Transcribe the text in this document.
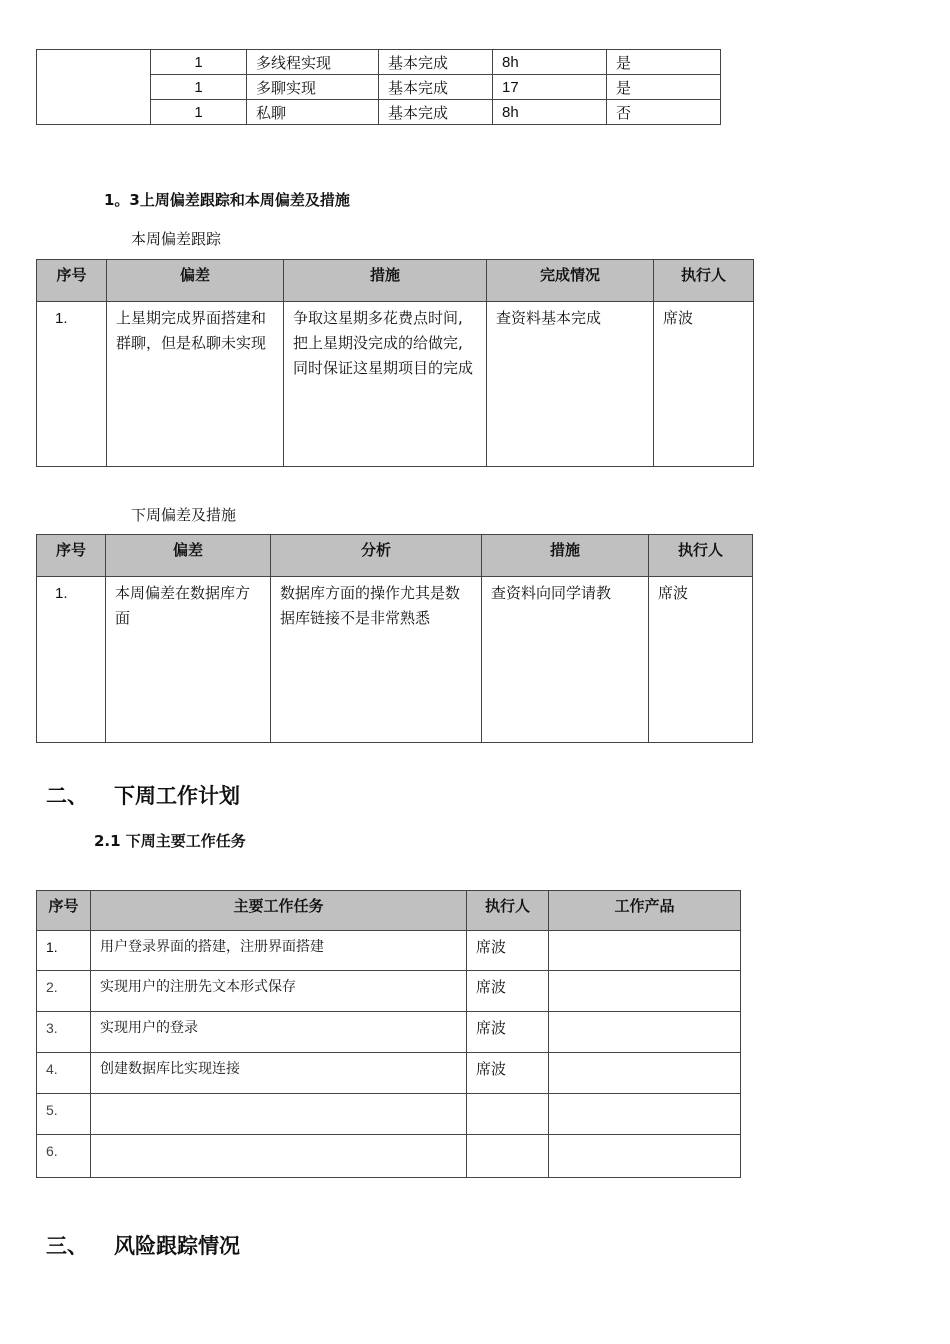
	1	多线程实现	基本完成	8h	是
	1	多聊实现	基本完成	17	是
	1	私聊	基本完成	8h	否
1。3上周偏差跟踪和本周偏差及措施
本周偏差跟踪
序号	偏差	措施	完成情况	执行人
1.	上星期完成界面搭建和群聊，但是私聊未实现	争取这星期多花费点时间,把上星期没完成的给做完,同时保证这星期项目的完成	查资料基本完成	席波
下周偏差及措施
序号	偏差	分析	措施	执行人
1.	本周偏差在数据库方面	数据库方面的操作尤其是数据库链接不是非常熟悉	查资料向同学请教	席波
二、 下周工作计划
2.1 下周主要工作任务
序号	主要工作任务	执行人	工作产品
1.	用户登录界面的搭建，注册界面搭建	席波	
2.	实现用户的注册先文本形式保存	席波	
3.	实现用户的登录	席波	
4.	创建数据库比实现连接	席波	
5.			
6.			
三、 风险跟踪情况
